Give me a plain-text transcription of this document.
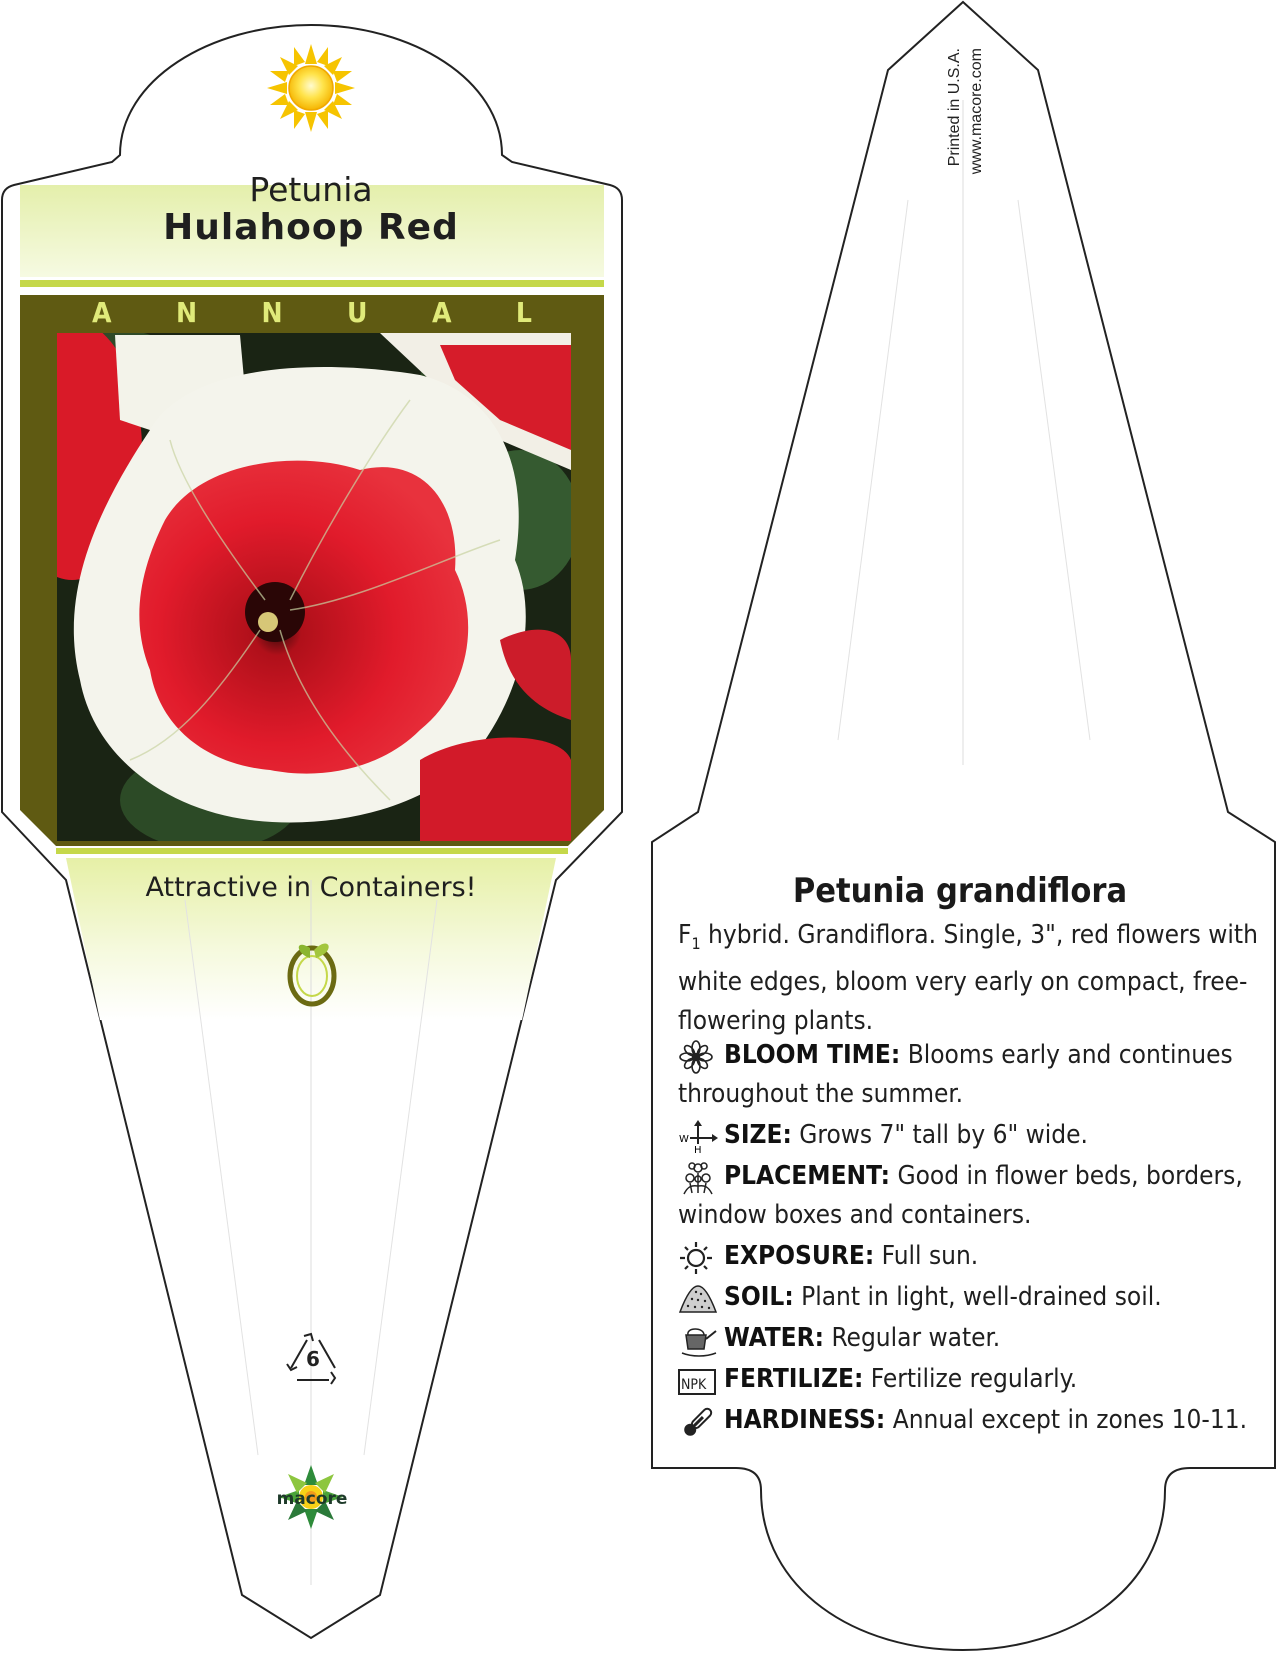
Petunia
Hulahoop Red
A N N U A L
Attractive in Containers!
6
macore
Printed in U.S.A. www.macore.com
Petunia grandiflora
$F_1$ hybrid. Grandiflora. Single, 3", red flowers with white edges, bloom very early on compact, free-flowering plants.
BLOOM TIME: Blooms early and continues throughout the summer.
W
H
SIZE: Grows 7" tall by 6" wide.
PLACEMENT: Good in flower beds, borders, window boxes and containers.
EXPOSURE: Full sun.
SOIL: Plant in light, well-drained soil.
WATER: Regular water.
NPK FERTILIZE: Fertilize regularly.
HARDINESS: Annual except in zones 10-11.
